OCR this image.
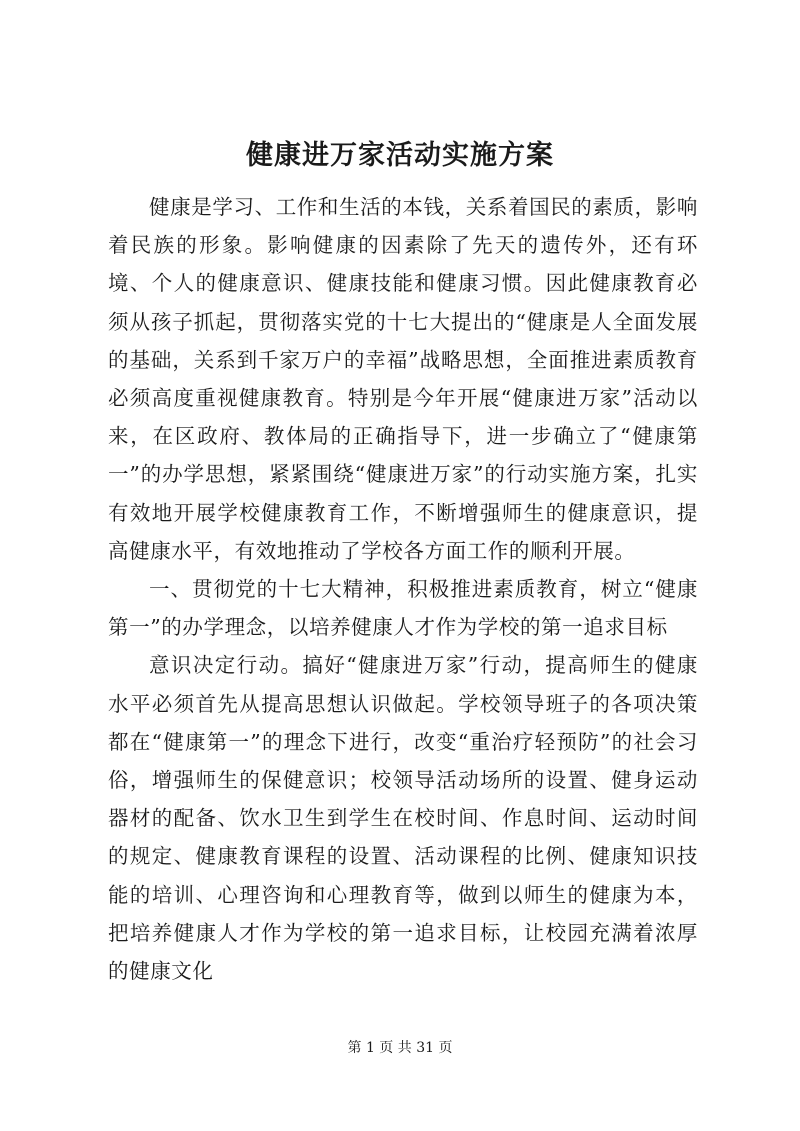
健康进万家活动实施方案

健康是学习、工作和生活的本钱，关系着国民的素质，影响着民族的形象。影响健康的因素除了先天的遗传外，还有环境、个人的健康意识、健康技能和健康习惯。因此健康教育必须从孩子抓起，贯彻落实党的十七大提出的“健康是人全面发展的基础，关系到千家万户的幸福”战略思想，全面推进素质教育必须高度重视健康教育。特别是今年开展“健康进万家”活动以来，在区政府、教体局的正确指导下，进一步确立了“健康第一”的办学思想，紧紧围绕“健康进万家”的行动实施方案，扎实有效地开展学校健康教育工作，不断增强师生的健康意识，提高健康水平，有效地推动了学校各方面工作的顺利开展。

一、贯彻党的十七大精神，积极推进素质教育，树立“健康第一”的办学理念，以培养健康人才作为学校的第一追求目标

意识决定行动。搞好“健康进万家”行动，提高师生的健康水平必须首先从提高思想认识做起。学校领导班子的各项决策都在“健康第一”的理念下进行，改变“重治疗轻预防”的社会习俗，增强师生的保健意识；校领导活动场所的设置、健身运动器材的配备、饮水卫生到学生在校时间、作息时间、运动时间的规定、健康教育课程的设置、活动课程的比例、健康知识技能的培训、心理咨询和心理教育等，做到以师生的健康为本，把培养健康人才作为学校的第一追求目标，让校园充满着浓厚的健康文化

第 1 页 共 31 页
